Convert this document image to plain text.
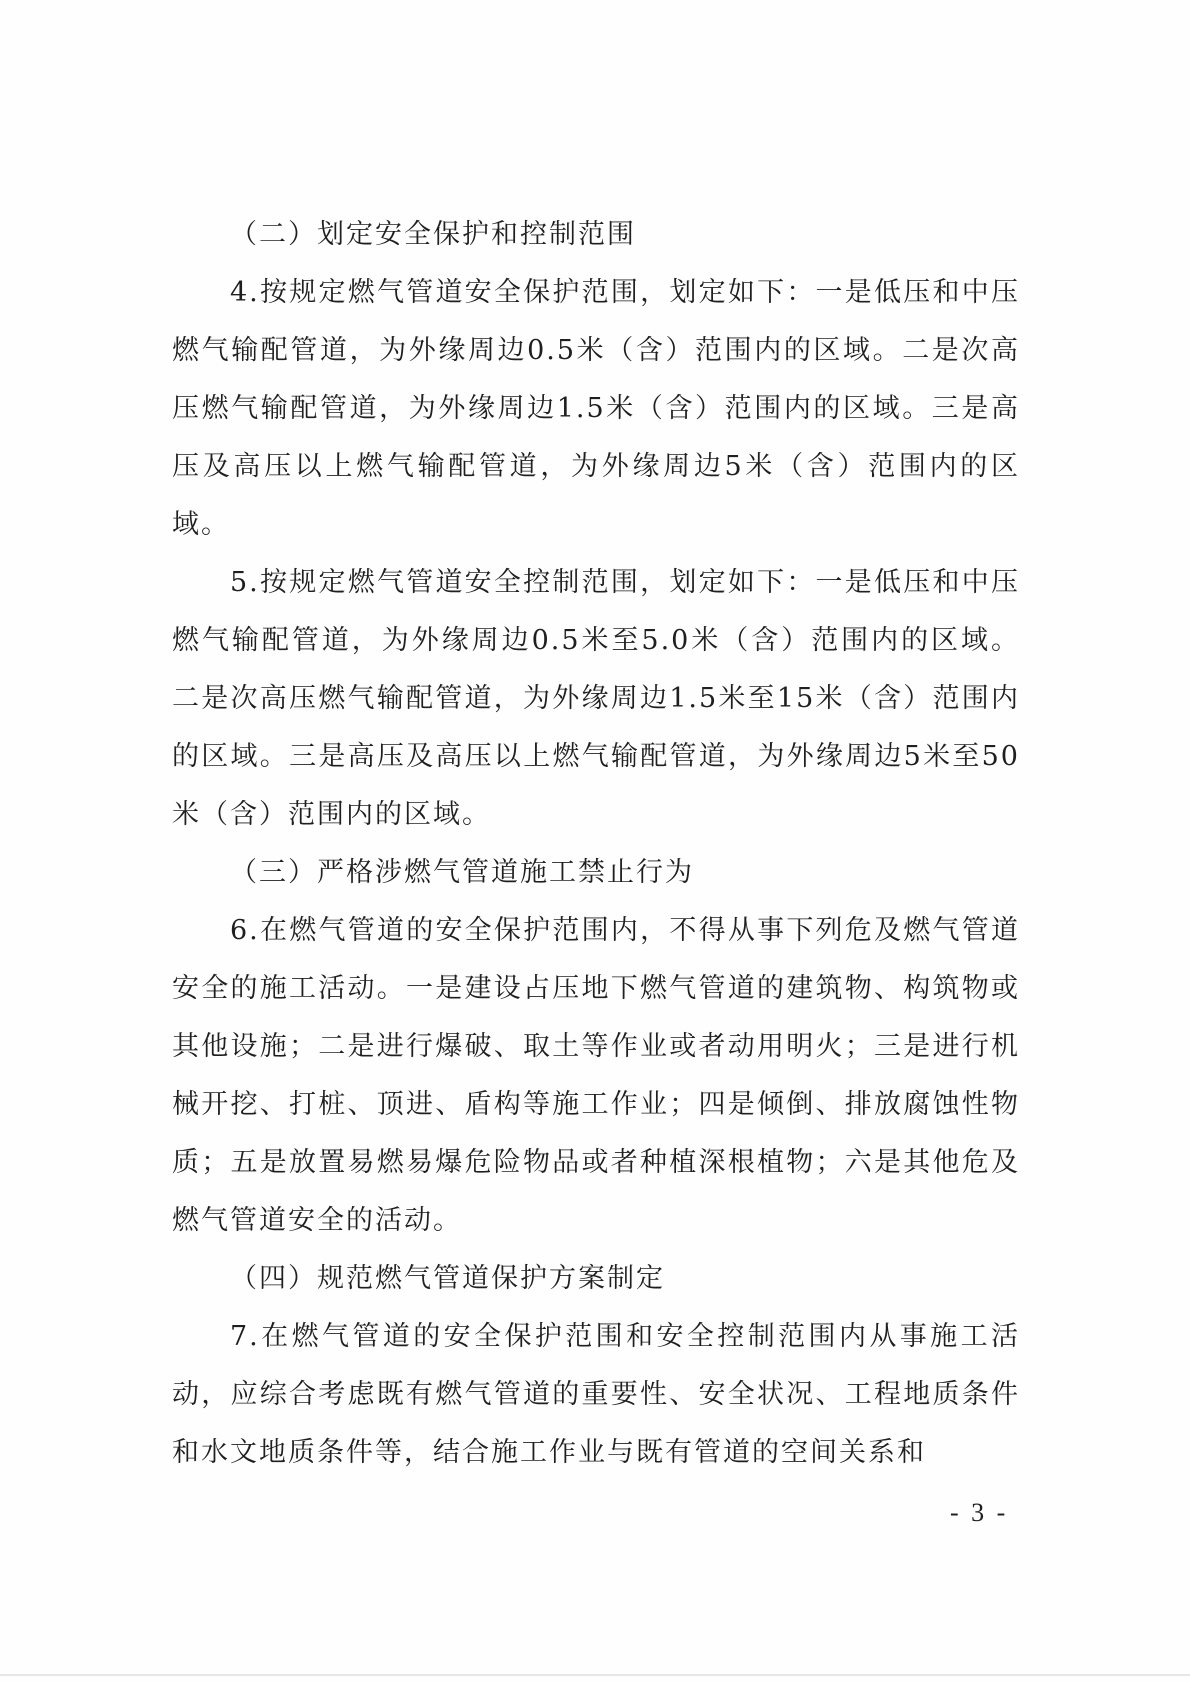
（二）划定安全保护和控制范围

4.按规定燃气管道安全保护范围，划定如下：一是低压和中压燃气输配管道，为外缘周边0.5米（含）范围内的区域。二是次高压燃气输配管道，为外缘周边1.5米（含）范围内的区域。三是高压及高压以上燃气输配管道，为外缘周边5米（含）范围内的区域。

5.按规定燃气管道安全控制范围，划定如下：一是低压和中压燃气输配管道，为外缘周边0.5米至5.0米（含）范围内的区域。二是次高压燃气输配管道，为外缘周边1.5米至15米（含）范围内的区域。三是高压及高压以上燃气输配管道，为外缘周边5米至50米（含）范围内的区域。

（三）严格涉燃气管道施工禁止行为

6.在燃气管道的安全保护范围内，不得从事下列危及燃气管道安全的施工活动。一是建设占压地下燃气管道的建筑物、构筑物或其他设施；二是进行爆破、取土等作业或者动用明火；三是进行机械开挖、打桩、顶进、盾构等施工作业；四是倾倒、排放腐蚀性物质；五是放置易燃易爆危险物品或者种植深根植物；六是其他危及燃气管道安全的活动。

（四）规范燃气管道保护方案制定

7.在燃气管道的安全保护范围和安全控制范围内从事施工活动，应综合考虑既有燃气管道的重要性、安全状况、工程地质条件和水文地质条件等，结合施工作业与既有管道的空间关系和

- 3 -
